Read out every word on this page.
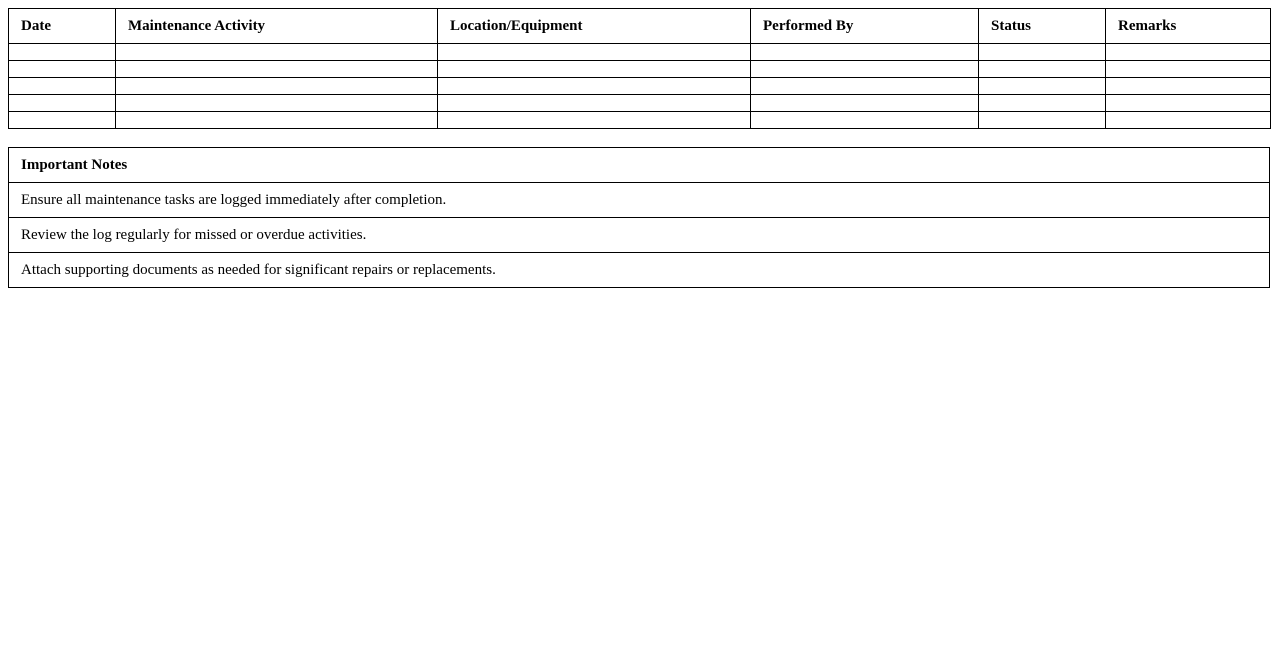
Date	Maintenance Activity	Location/Equipment	Performed By	Status	Remarks

Important Notes
Ensure all maintenance tasks are logged immediately after completion.
Review the log regularly for missed or overdue activities.
Attach supporting documents as needed for significant repairs or replacements.
